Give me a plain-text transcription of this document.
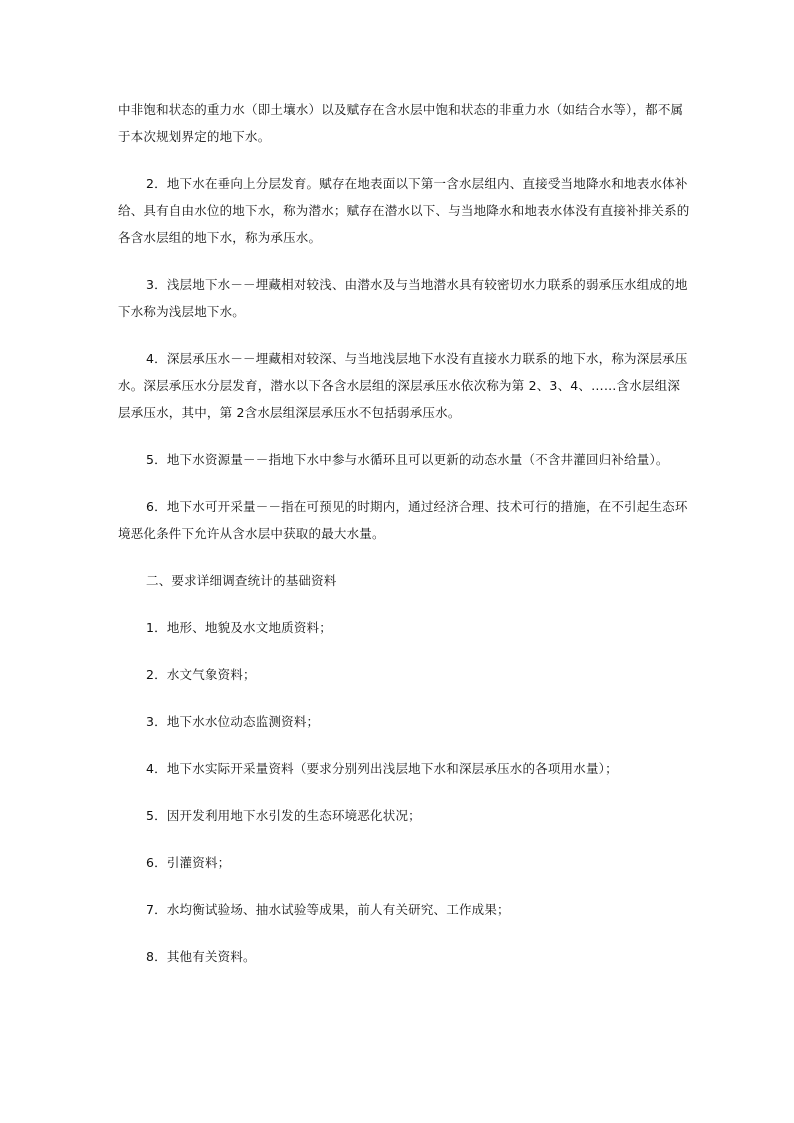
中非饱和状态的重力水（即土壤水）以及赋存在含水层中饱和状态的非重力水（如结合水等），都不属于本次规划界定的地下水。

2．地下水在垂向上分层发育。赋存在地表面以下第一含水层组内、直接受当地降水和地表水体补给、具有自由水位的地下水，称为潜水；赋存在潜水以下、与当地降水和地表水体没有直接补排关系的各含水层组的地下水，称为承压水。

3．浅层地下水－－埋藏相对较浅、由潜水及与当地潜水具有较密切水力联系的弱承压水组成的地下水称为浅层地下水。

4．深层承压水－－埋藏相对较深、与当地浅层地下水没有直接水力联系的地下水，称为深层承压水。深层承压水分层发育，潜水以下各含水层组的深层承压水依次称为第 2、3、4、……含水层组深层承压水，其中，第 2含水层组深层承压水不包括弱承压水。

5．地下水资源量－－指地下水中参与水循环且可以更新的动态水量（不含井灌回归补给量）。

6．地下水可开采量－－指在可预见的时期内，通过经济合理、技术可行的措施，在不引起生态环境恶化条件下允许从含水层中获取的最大水量。

二、要求详细调查统计的基础资料

1．地形、地貌及水文地质资料；

2．水文气象资料；

3．地下水水位动态监测资料；

4．地下水实际开采量资料（要求分别列出浅层地下水和深层承压水的各项用水量）；

5．因开发利用地下水引发的生态环境恶化状况；

6．引灌资料；

7．水均衡试验场、抽水试验等成果，前人有关研究、工作成果；

8．其他有关资料。
